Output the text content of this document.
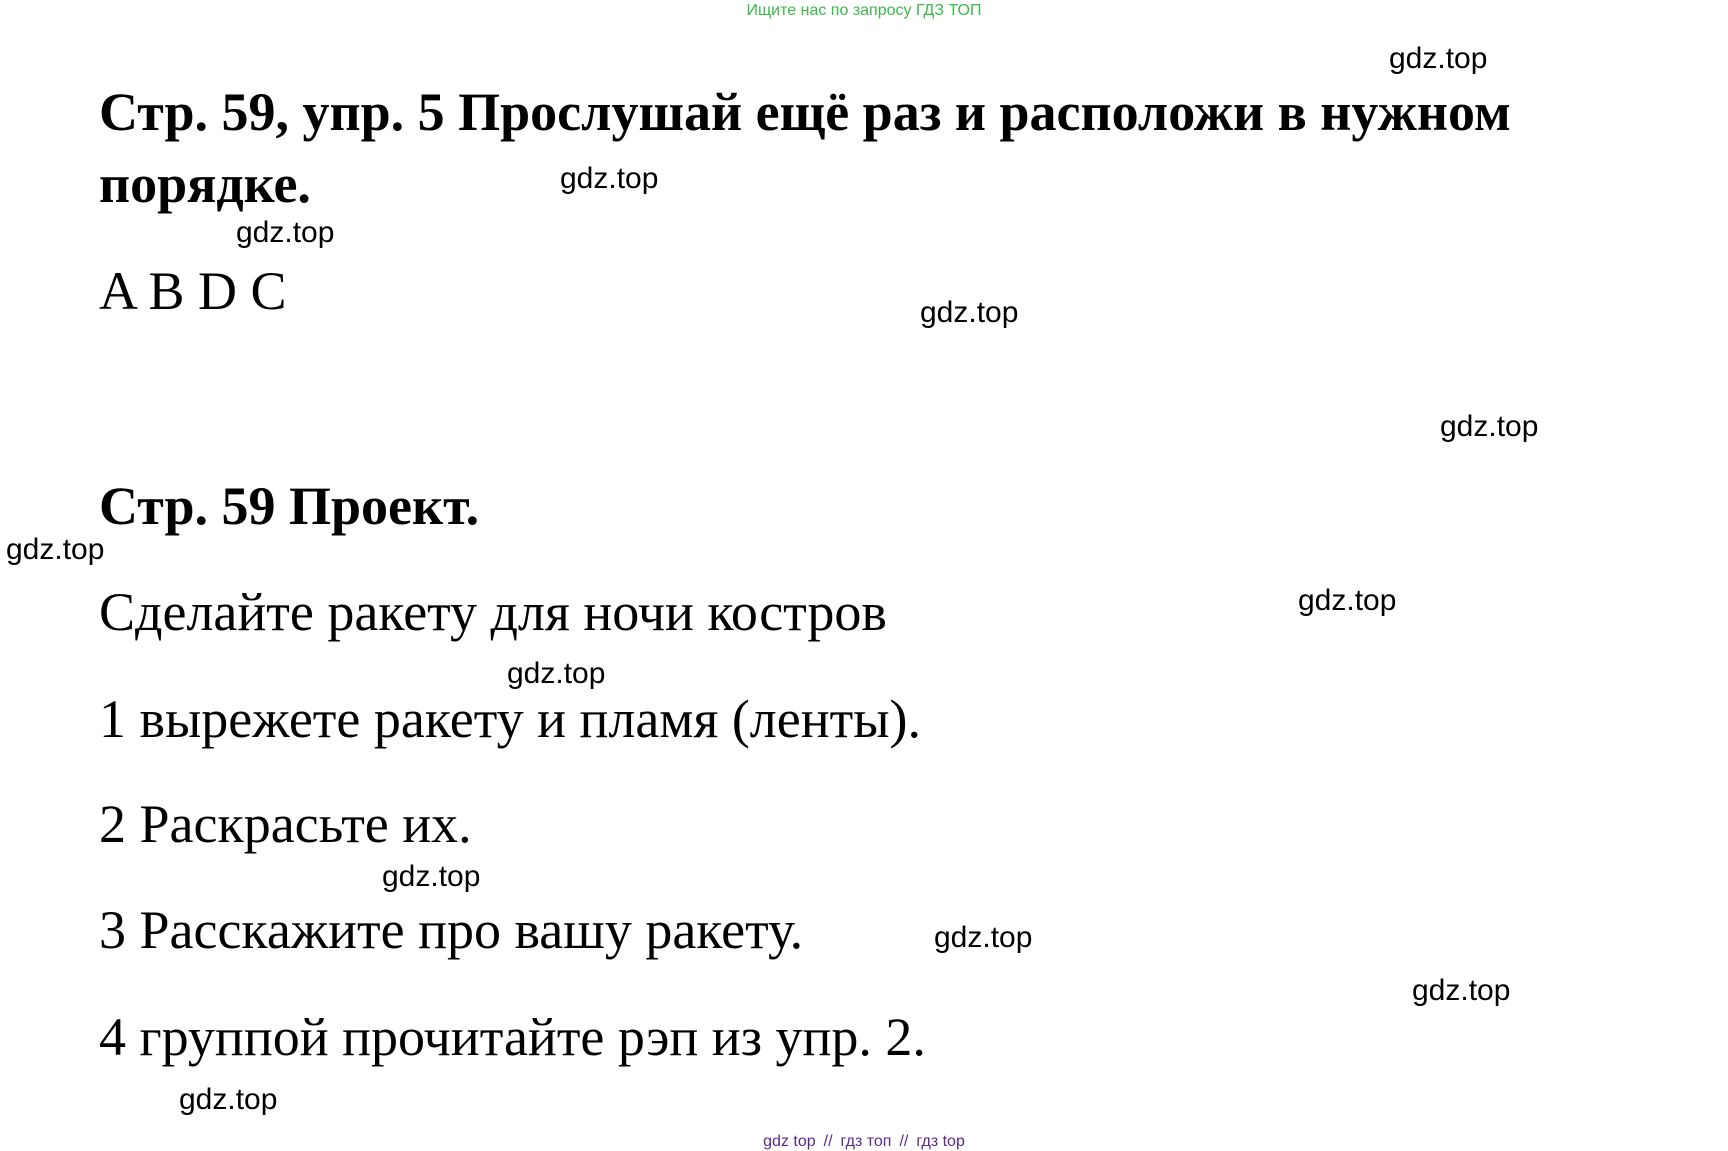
Ищите нас по запросу ГДЗ ТОП
Стр. 59, упр. 5 Прослушай ещё раз и расположи в нужном порядке.
A B D C
Стр. 59 Проект.
Сделайте ракету для ночи костров
1 вырежете ракету и пламя (ленты).
2 Раскрасьте их.
3 Расскажите про вашу ракету.
4 группой прочитайте рэп из упр. 2.
gdz.top
gdz.top
gdz.top
gdz.top
gdz.top
gdz.top
gdz.top
gdz.top
gdz.top
gdz.top
gdz.top
gdz.top
gdz top // гдз топ // гдз top
